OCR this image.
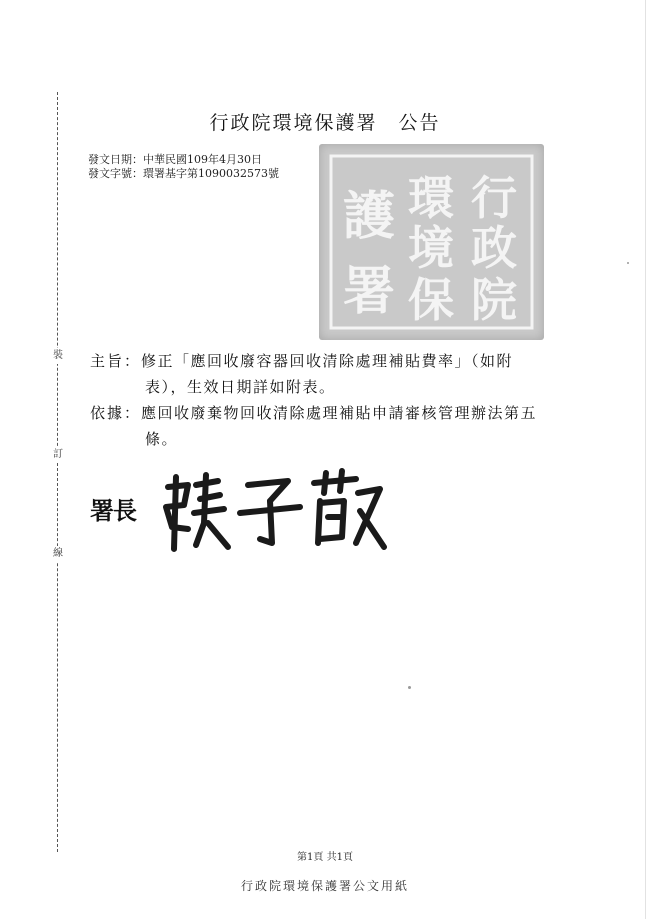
裝
訂
線
行政院環境保護署　公告
發文日期：中華民國109年4月30日
發文字號：環署基字第1090032573號	行
政
院
環
境
保
護
署
主旨：修正「應回收廢容器回收清除處理補貼費率」（如附
表），生效日期詳如附表。
依據：應回收廢棄物回收清除處理補貼申請審核管理辦法第五
條。
署長
第1頁 共1頁
行政院環境保護署公文用紙
